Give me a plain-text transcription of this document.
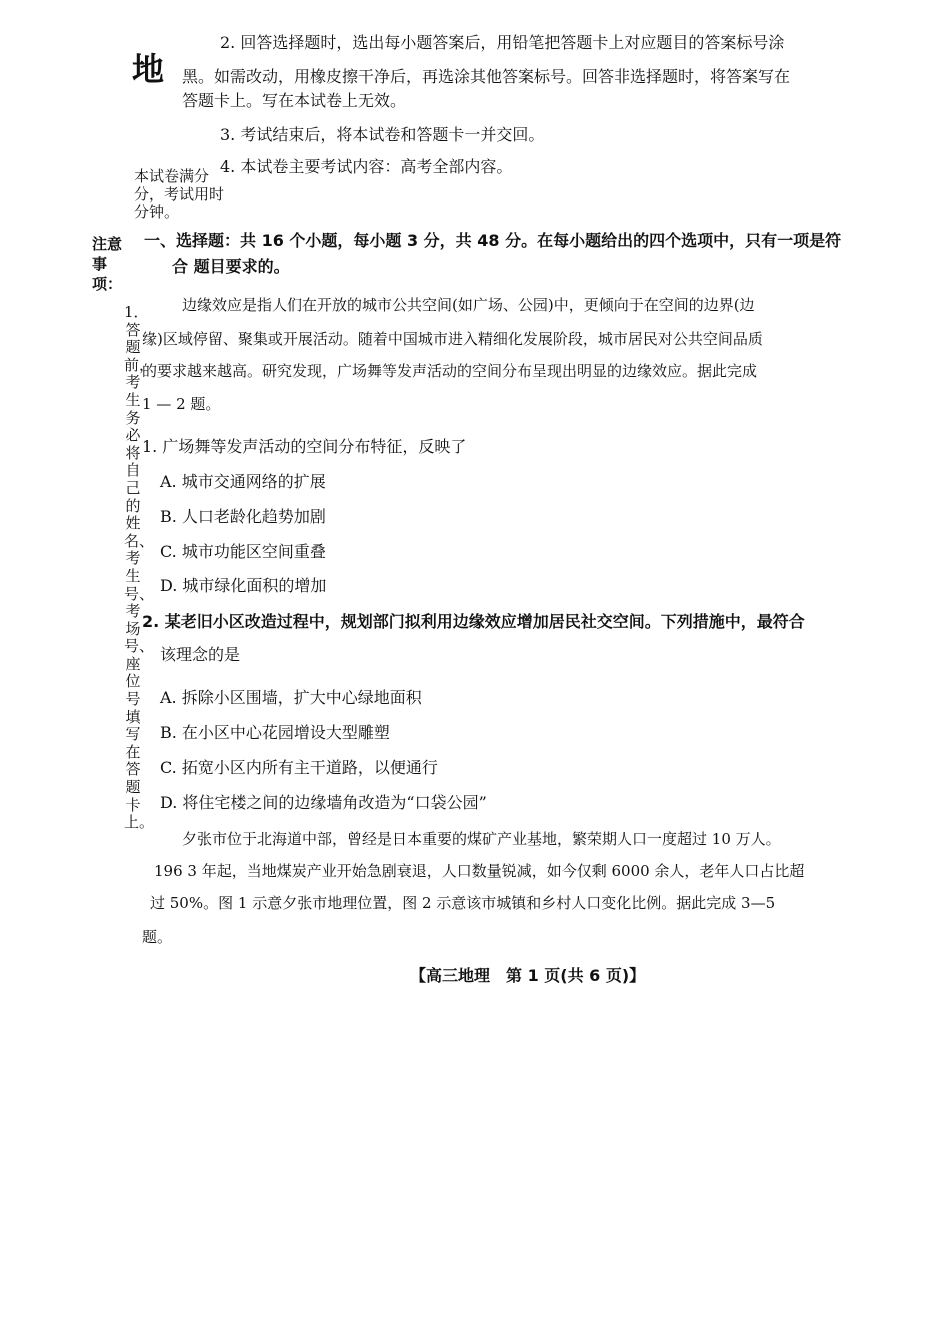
地
2. 回答选择题时，选出每小题答案后，用铅笔把答题卡上对应题目的答案标号涂
黑。如需改动，用橡皮擦干净后，再选涂其他答案标号。回答非选择题时，将答案写在
答题卡上。写在本试卷上无效。
3. 考试结束后，将本试卷和答题卡一并交回。
4. 本试卷主要考试内容：高考全部内容。
本试卷满分分，考试用时分钟。
注意事项：
1．答题前，考生务必将自己的姓名、考生号、考场号、座位号填写在答题卡上。
一、选择题：共 16 个小题，每小题 3 分，共 48 分。在每小题给出的四个选项中，只有一项是符
合 题目要求的。
边缘效应是指人们在开放的城市公共空间(如广场、公园)中，更倾向于在空间的边界(边
缘)区域停留、聚集或开展活动。随着中国城市进入精细化发展阶段，城市居民对公共空间品质
的要求越来越高。研究发现，广场舞等发声活动的空间分布呈现出明显的边缘效应。据此完成
1 — 2 题。
1. 广场舞等发声活动的空间分布特征，反映了
A. 城市交通网络的扩展
B. 人口老龄化趋势加剧
C. 城市功能区空间重叠
D. 城市绿化面积的增加
2. 某老旧小区改造过程中，规划部门拟利用边缘效应增加居民社交空间。下列措施中，最符合
该理念的是
A. 拆除小区围墙，扩大中心绿地面积
B. 在小区中心花园增设大型雕塑
C. 拓宽小区内所有主干道路，以便通行
D. 将住宅楼之间的边缘墙角改造为“口袋公园”
夕张市位于北海道中部，曾经是日本重要的煤矿产业基地，繁荣期人口一度超过 10 万人。
196 3 年起，当地煤炭产业开始急剧衰退，人口数量锐减，如今仅剩 6000 余人，老年人口占比超
过 50%。图 1 示意夕张市地理位置，图 2 示意该市城镇和乡村人口变化比例。据此完成 3—5
题。
【高三地理　第 1 页(共 6 页)】
